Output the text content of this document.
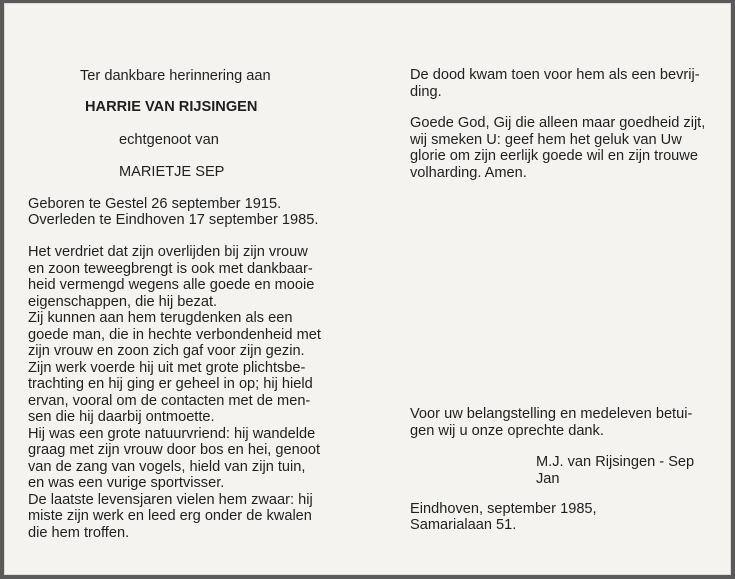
Ter dankbare herinnering aan
HARRIE VAN RIJSINGEN
echtgenoot van
MARIETJE SEP
Geboren te Gestel 26 september 1915.
Overleden te Eindhoven 17 september 1985.
Het verdriet dat zijn overlijden bij zijn vrouw
en zoon teweegbrengt is ook met dankbaar-
heid vermengd wegens alle goede en mooie
eigenschappen, die hij bezat.
Zij kunnen aan hem terugdenken als een
goede man, die in hechte verbondenheid met
zijn vrouw en zoon zich gaf voor zijn gezin.
Zijn werk voerde hij uit met grote plichtsbe-
trachting en hij ging er geheel in op; hij hield
ervan, vooral om de contacten met de men-
sen die hij daarbij ontmoette.
Hij was een grote natuurvriend: hij wandelde
graag met zijn vrouw door bos en hei, genoot
van de zang van vogels, hield van zijn tuin,
en was een vurige sportvisser.
De laatste levensjaren vielen hem zwaar: hij
miste zijn werk en leed erg onder de kwalen
die hem troffen.
De dood kwam toen voor hem als een bevrij-
ding.
Goede God, Gij die alleen maar goedheid zijt,
wij smeken U: geef hem het geluk van Uw
glorie om zijn eerlijk goede wil en zijn trouwe
volharding. Amen.
Voor uw belangstelling en medeleven betui-
gen wij u onze oprechte dank.
M.J. van Rijsingen - Sep
Jan
Eindhoven, september 1985,
Samarialaan 51.
